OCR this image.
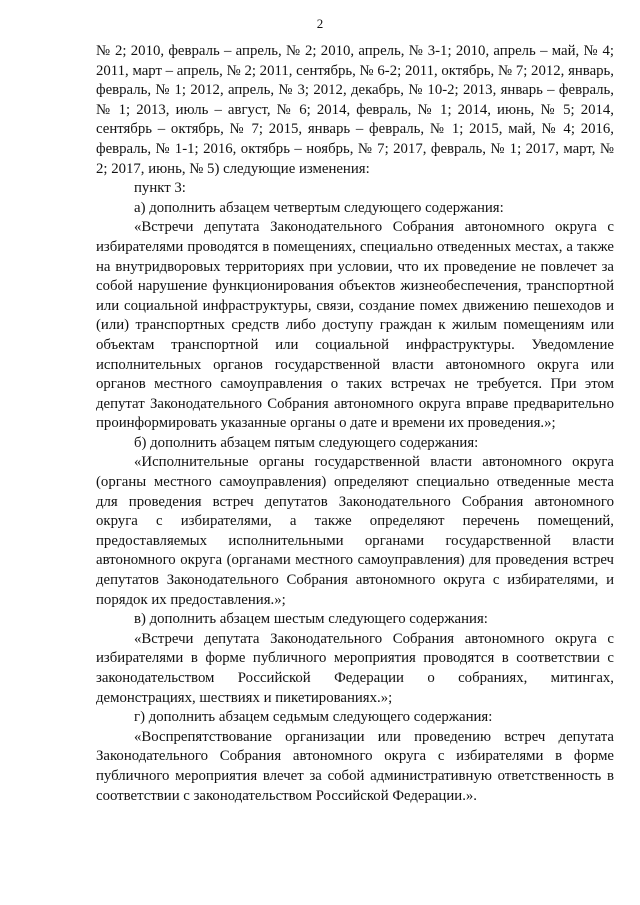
2

№ 2; 2010, февраль – апрель, № 2; 2010, апрель, № 3-1; 2010, апрель – май, № 4; 2011, март – апрель, № 2; 2011, сентябрь, № 6-2; 2011, октябрь, № 7; 2012, январь, февраль, № 1; 2012, апрель, № 3; 2012, декабрь, № 10-2; 2013, январь – февраль, № 1; 2013, июль – август, № 6; 2014, февраль, № 1; 2014, июнь, № 5; 2014, сентябрь – октябрь, № 7; 2015, январь – февраль, № 1; 2015, май, № 4; 2016, февраль, № 1-1; 2016, октябрь – ноябрь, № 7; 2017, февраль, № 1; 2017, март, № 2; 2017, июнь, № 5) следующие изменения:

пункт 3:

а) дополнить абзацем четвертым следующего содержания:

«Встречи депутата Законодательного Собрания автономного округа с избирателями проводятся в помещениях, специально отведенных местах, а также на внутридворовых территориях при условии, что их проведение не повлечет за собой нарушение функционирования объектов жизнеобеспечения, транспортной или социальной инфраструктуры, связи, создание помех движению пешеходов и (или) транспортных средств либо доступу граждан к жилым помещениям или объектам транспортной или социальной инфраструктуры. Уведомление исполнительных органов государственной власти автономного округа или органов местного самоуправления о таких встречах не требуется. При этом депутат Законодательного Собрания автономного округа вправе предварительно проинформировать указанные органы о дате и времени их проведения.»;

б) дополнить абзацем пятым следующего содержания:

«Исполнительные органы государственной власти автономного округа (органы местного самоуправления) определяют специально отведенные места для проведения встреч депутатов Законодательного Собрания автономного округа с избирателями, а также определяют перечень помещений, предоставляемых исполнительными органами государственной власти автономного округа (органами местного самоуправления) для проведения встреч депутатов Законодательного Собрания автономного округа с избирателями, и порядок их предоставления.»;

в) дополнить абзацем шестым следующего содержания:

«Встречи депутата Законодательного Собрания автономного округа с избирателями в форме публичного мероприятия проводятся в соответствии с законодательством Российской Федерации о собраниях, митингах, демонстрациях, шествиях и пикетированиях.»;

г) дополнить абзацем седьмым следующего содержания:

«Воспрепятствование организации или проведению встреч депутата Законодательного Собрания автономного округа с избирателями в форме публичного мероприятия влечет за собой административную ответственность в соответствии с законодательством Российской Федерации.».
